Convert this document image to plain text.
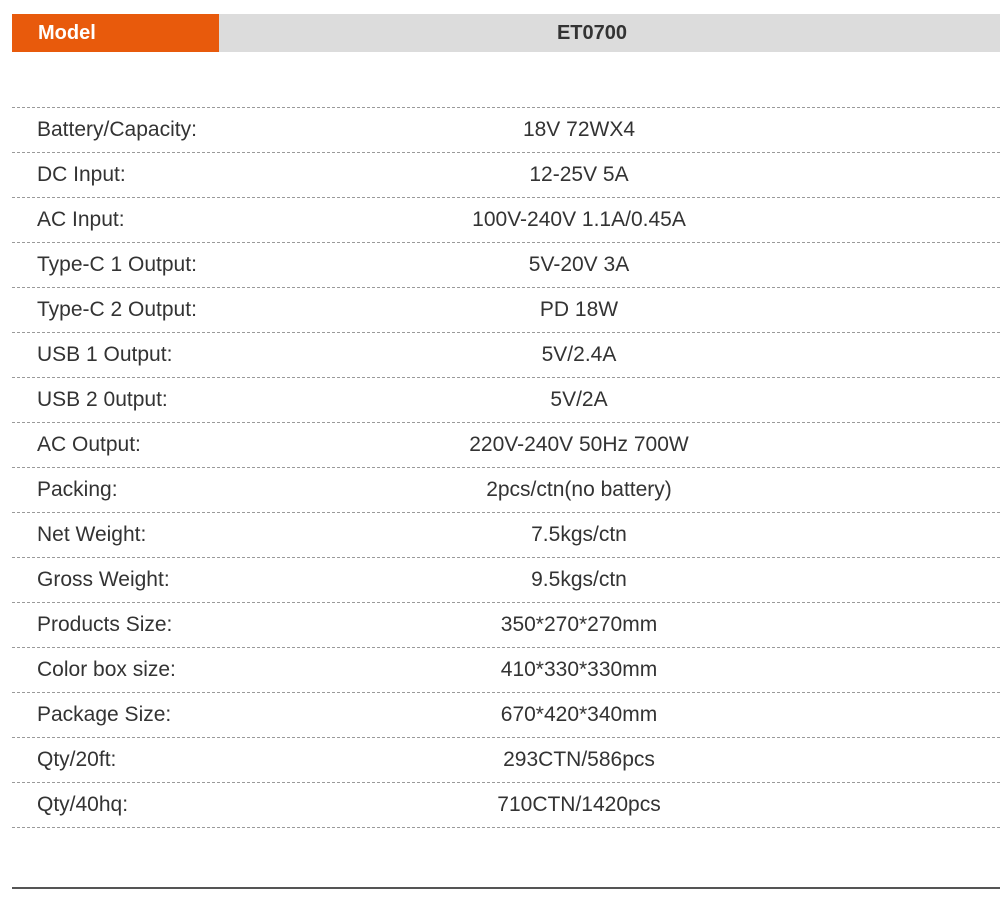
Model	ET0700
Battery/Capacity:	18V 72WX4
DC Input:	12-25V 5A
AC Input:	100V-240V 1.1A/0.45A
Type-C 1 Output:	5V-20V 3A
Type-C 2 Output:	PD 18W
USB 1 Output:	5V/2.4A
USB 2 0utput:	5V/2A
AC Output:	220V-240V 50Hz 700W
Packing:	2pcs/ctn(no battery)
Net Weight:	7.5kgs/ctn
Gross Weight:	9.5kgs/ctn
Products Size:	350*270*270mm
Color box size:	410*330*330mm
Package Size:	670*420*340mm
Qty/20ft:	293CTN/586pcs
Qty/40hq:	710CTN/1420pcs
